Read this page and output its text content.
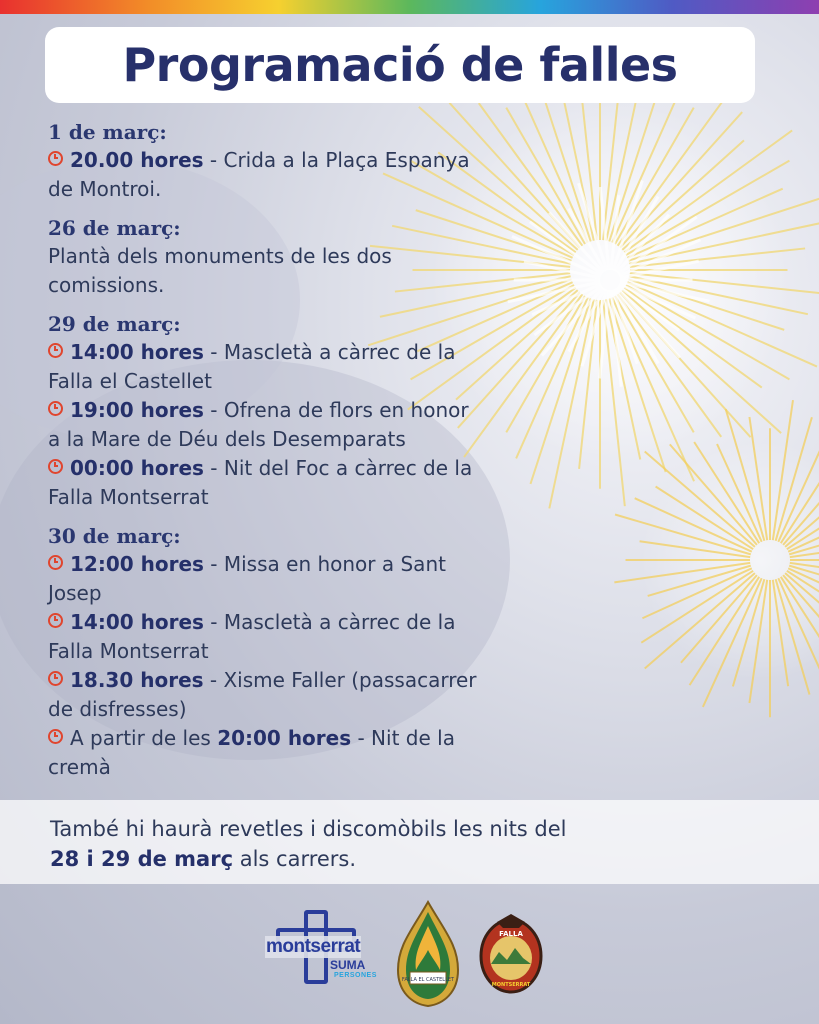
Programació de falles
1 de març:
20.00 hores - Crida a la Plaça Espanya
de Montroi.
26 de març:
Plantà dels monuments de les dos
comissions.
29 de març:
14:00 hores - Mascletà a càrrec de la
Falla el Castellet
19:00 hores - Ofrena de flors en honor
a la Mare de Déu dels Desemparats
00:00 hores - Nit del Foc a càrrec de la
Falla Montserrat
30 de març:
12:00 hores - Missa en honor a Sant
Josep
14:00 hores - Mascletà a càrrec de la
Falla Montserrat
18.30 hores - Xisme Faller (passacarrer
de disfresses)
A partir de les 20:00 hores - Nit de la
cremà
També hi haurà revetles i discomòbils les nits del
28 i 29 de març als carrers.
montserrat
SUMA
PERSONES
FALLA EL CASTELLET
FALLA
MONTSERRAT
